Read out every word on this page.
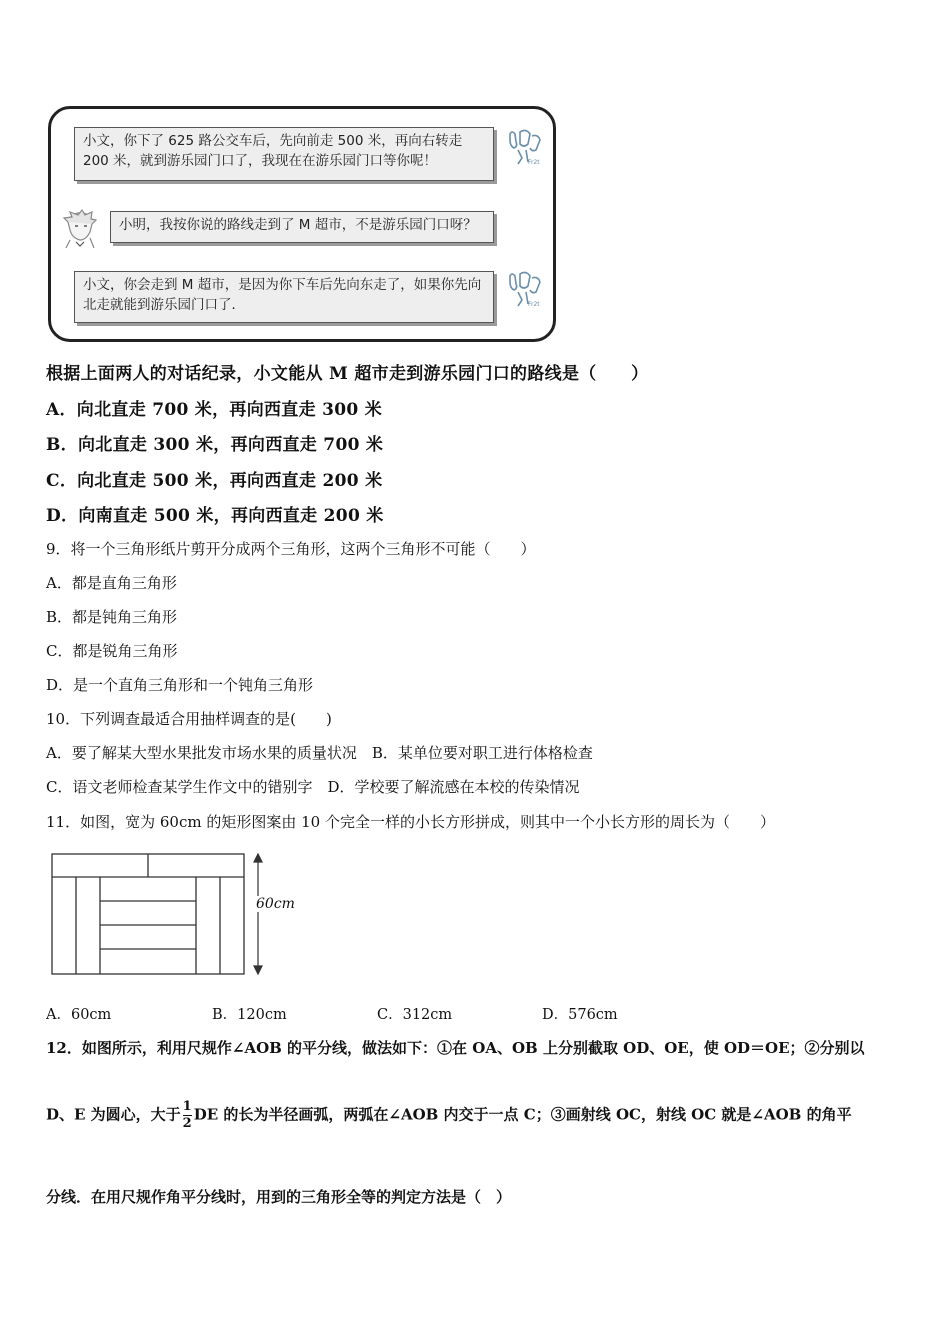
小文，你下了 625 路公交车后，先向前走 500 米，再向右转走 200 米，就到游乐园门口了，我现在在游乐园门口等你呢！	Fr2t
小明，我按你说的路线走到了 M 超市，不是游乐园门口呀？
小文，你会走到 M 超市，是因为你下车后先向东走了，如果你先向北走就能到游乐园门口了．	Fr2t
根据上面两人的对话纪录，小文能从 M 超市走到游乐园门口的路线是（　　）
A．向北直走 700 米，再向西直走 300 米
B．向北直走 300 米，再向西直走 700 米
C．向北直走 500 米，再向西直走 200 米
D．向南直走 500 米，再向西直走 200 米
9．将一个三角形纸片剪开分成两个三角形，这两个三角形不可能（　　）
A．都是直角三角形
B．都是钝角三角形
C．都是锐角三角形
D．是一个直角三角形和一个钝角三角形
10．下列调查最适合用抽样调查的是(　　)
A．要了解某大型水果批发市场水果的质量状况　B．某单位要对职工进行体格检查
C．语文老师检查某学生作文中的错别字　D．学校要了解流感在本校的传染情况
11．如图，宽为 60cm 的矩形图案由 10 个完全一样的小长方形拼成，则其中一个小长方形的周长为（　　）
60cm
A．60cm	B．120cm	C．312cm	D．576cm
12．如图所示，利用尺规作∠AOB 的平分线，做法如下：①在 OA、OB 上分别截取 OD、OE，使 OD＝OE；②分别以
D、E 为圆心，大于 $\frac{1}{2}$ DE 的长为半径画弧，两弧在∠AOB 内交于一点 C；③画射线 OC，射线 OC 就是∠AOB 的角平
分线．在用尺规作角平分线时，用到的三角形全等的判定方法是（　）
